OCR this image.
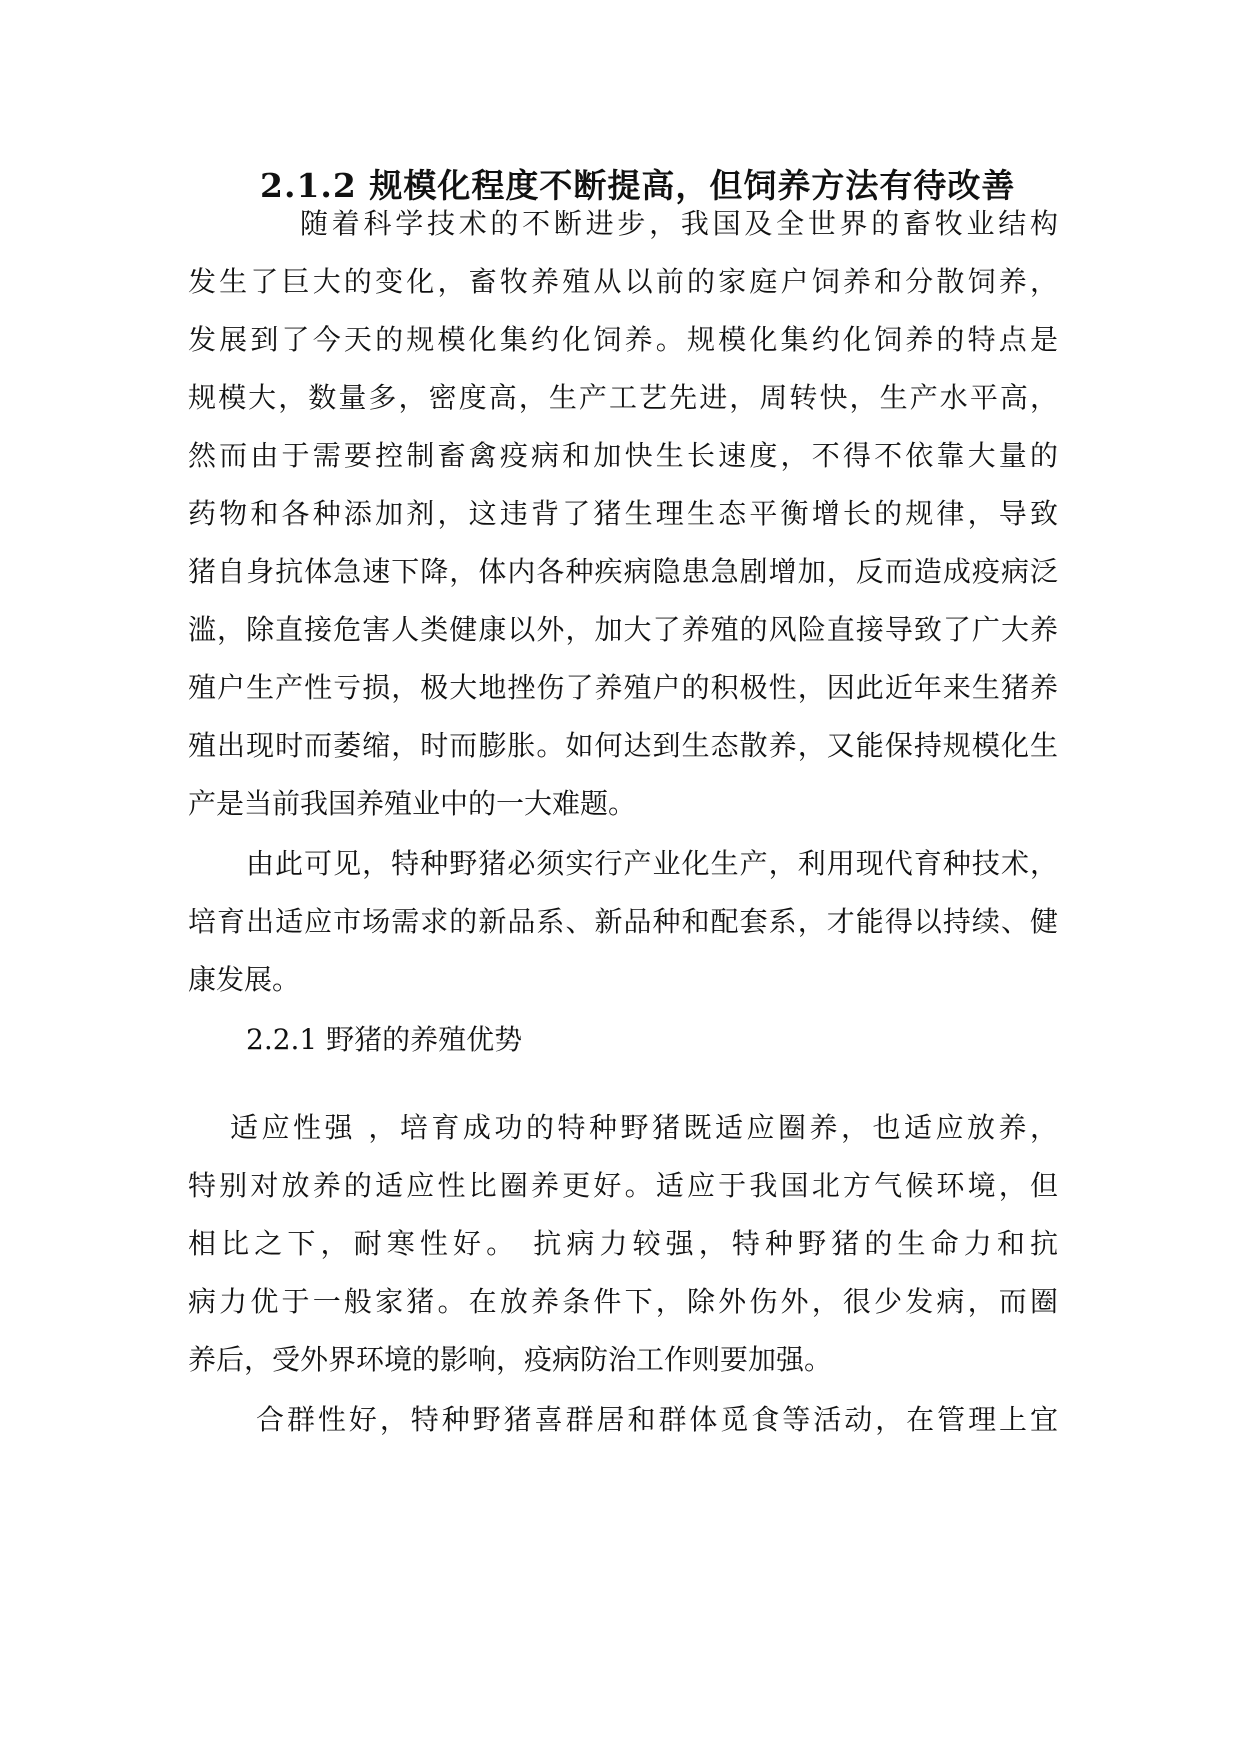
2.1.2 规模化程度不断提高，但饲养方法有待改善
随着科学技术的不断进步，我国及全世界的畜牧业结构
发生了巨大的变化，畜牧养殖从以前的家庭户饲养和分散饲养，
发展到了今天的规模化集约化饲养。规模化集约化饲养的特点是
规模大，数量多，密度高，生产工艺先进，周转快，生产水平高，
然而由于需要控制畜禽疫病和加快生长速度，不得不依靠大量的
药物和各种添加剂，这违背了猪生理生态平衡增长的规律，导致
猪自身抗体急速下降，体内各种疾病隐患急剧增加，反而造成疫病泛
滥，除直接危害人类健康以外，加大了养殖的风险直接导致了广大养
殖户生产性亏损，极大地挫伤了养殖户的积极性，因此近年来生猪养
殖出现时而萎缩，时而膨胀。如何达到生态散养，又能保持规模化生
产是当前我国养殖业中的一大难题。
由此可见，特种野猪必须实行产业化生产，利用现代育种技术，
培育出适应市场需求的新品系、新品种和配套系，才能得以持续、健
康发展。
2.2.1 野猪的养殖优势
适应性强 ，培育成功的特种野猪既适应圈养，也适应放养，
特别对放养的适应性比圈养更好。适应于我国北方气候环境，但
相比之下，耐寒性好。 抗病力较强，特种野猪的生命力和抗
病力优于一般家猪。在放养条件下，除外伤外，很少发病，而圈
养后，受外界环境的影响，疫病防治工作则要加强。
合群性好，特种野猪喜群居和群体觅食等活动，在管理上宜
